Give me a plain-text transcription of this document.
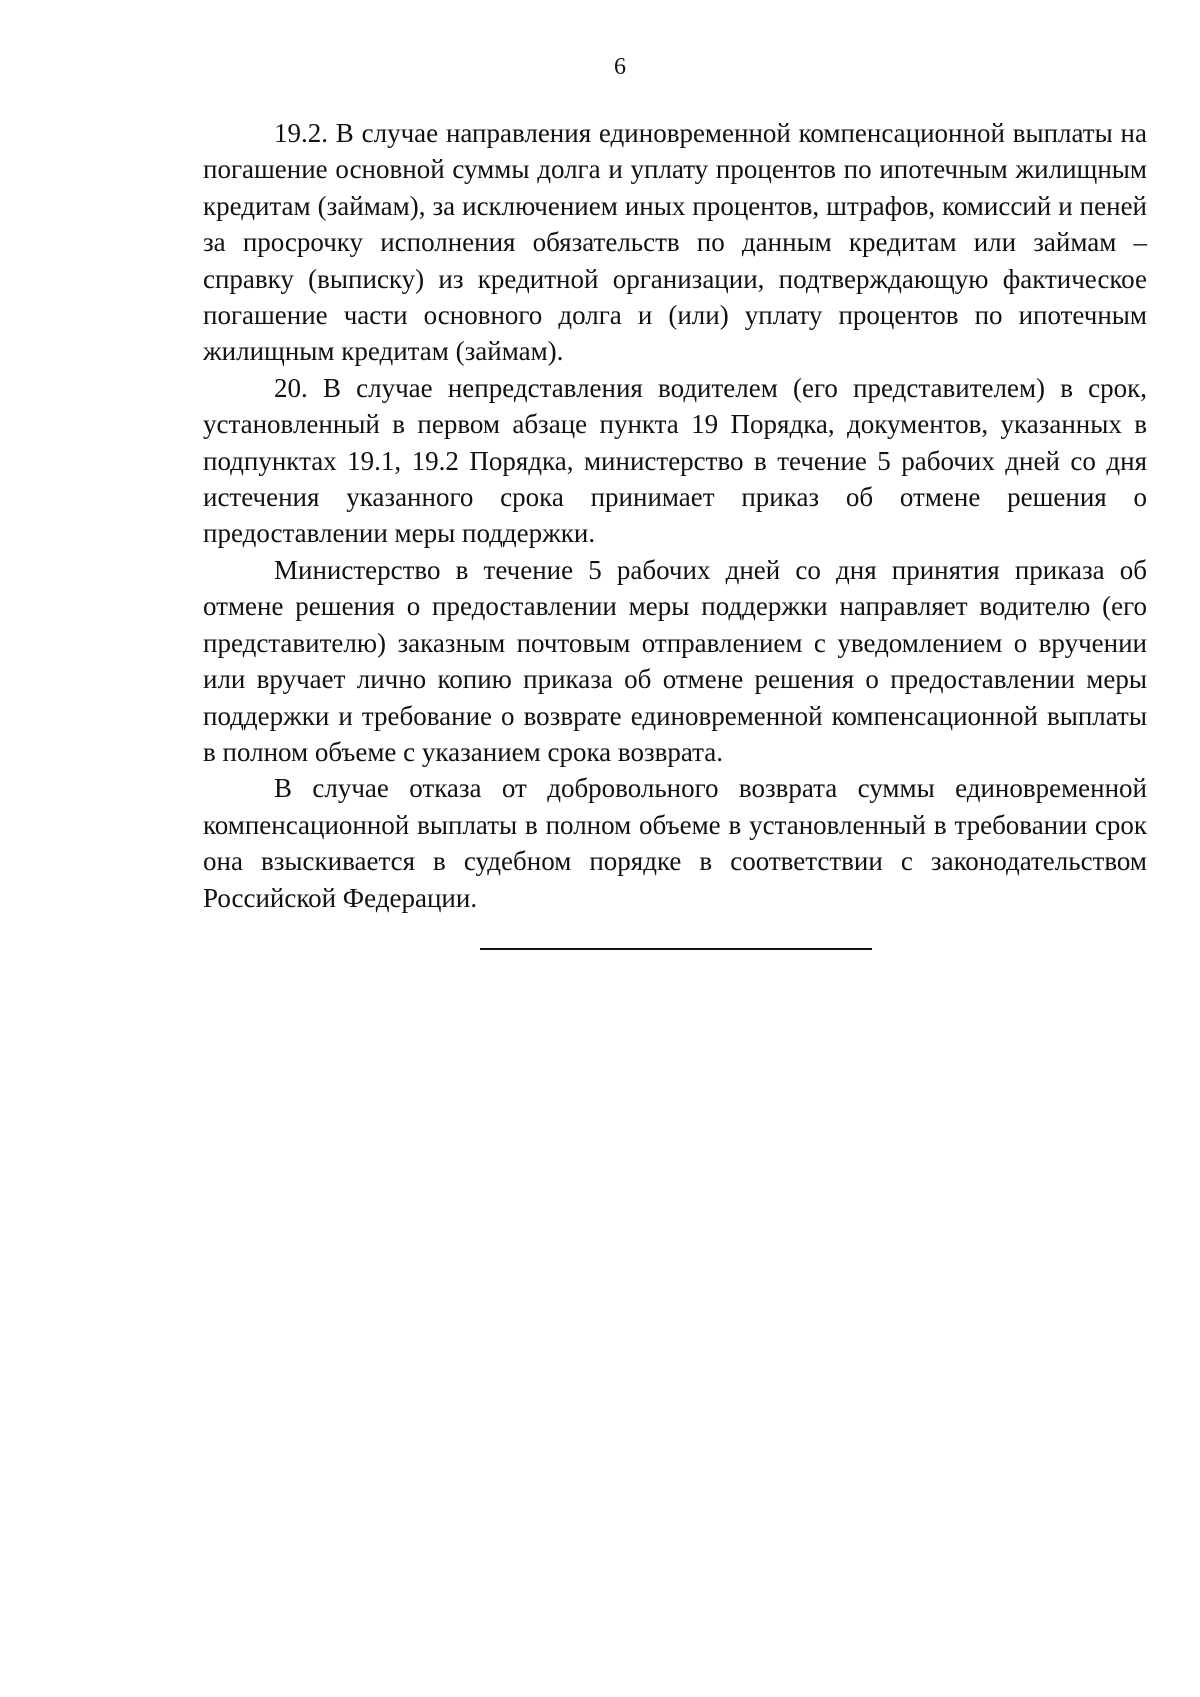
6

19.2. В случае направления единовременной компенсационной выплаты на погашение основной суммы долга и уплату процентов по ипотечным жилищным кредитам (займам), за исключением иных процентов, штрафов, комиссий и пеней за просрочку исполнения обязательств по данным кредитам или займам – справку (выписку) из кредитной организации, подтверждающую фактическое погашение части основного долга и (или) уплату процентов по ипотечным жилищным кредитам (займам).

20. В случае непредставления водителем (его представителем) в срок, установленный в первом абзаце пункта 19 Порядка, документов, указанных в подпунктах 19.1, 19.2 Порядка, министерство в течение 5 рабочих дней со дня истечения указанного срока принимает приказ об отмене решения о предоставлении меры поддержки.

Министерство в течение 5 рабочих дней со дня принятия приказа об отмене решения о предоставлении меры поддержки направляет водителю (его представителю) заказным почтовым отправлением с уведомлением о вручении или вручает лично копию приказа об отмене решения о предоставлении меры поддержки и требование о возврате единовременной компенсационной выплаты в полном объеме с указанием срока возврата.

В случае отказа от добровольного возврата суммы единовременной компенсационной выплаты в полном объеме в установленный в требовании срок она взыскивается в судебном порядке в соответствии с законодательством Российской Федерации.
